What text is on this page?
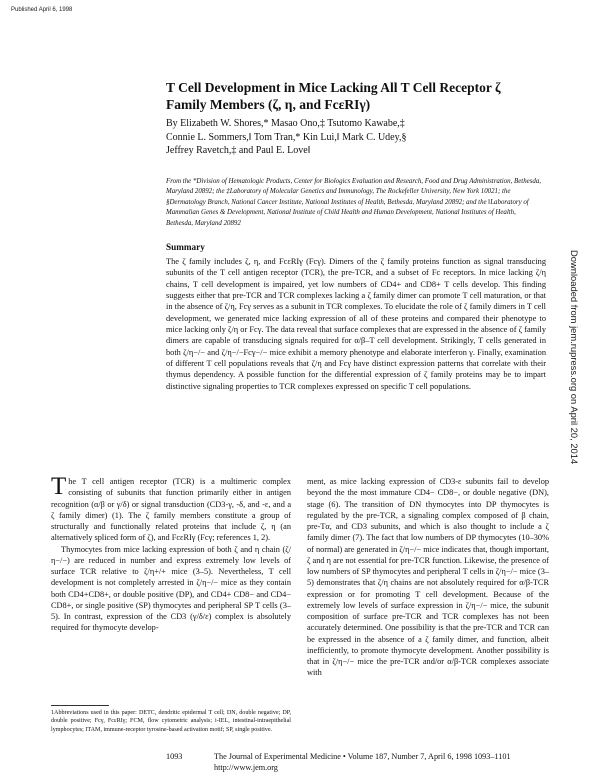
Published April 6, 1998
T Cell Development in Mice Lacking All T Cell Receptor ζ
Family Members (ζ, η, and FcεRIγ)
By Elizabeth W. Shores,* Masao Ono,‡ Tsutomo Kawabe,‡
Connie L. Sommers,‖ Tom Tran,* Kin Lui,‖ Mark C. Udey,§
Jeffrey Ravetch,‡ and Paul E. Love‖
From the *Division of Hematologic Products, Center for Biologics Evaluation and Research, Food and Drug Administration, Bethesda, Maryland 20892; the ‡Laboratory of Molecular Genetics and Immunology, The Rockefeller University, New York 10021; the §Dermatology Branch, National Cancer Institute, National Institutes of Health, Bethesda, Maryland 20892; and the ‖Laboratory of Mammalian Genes & Development, National Institute of Child Health and Human Development, National Institutes of Health, Bethesda, Maryland 20892
Summary
The ζ family includes ζ, η, and FcεRIγ (Fcγ). Dimers of the ζ family proteins function as signal transducing subunits of the T cell antigen receptor (TCR), the pre-TCR, and a subset of Fc receptors. In mice lacking ζ/η chains, T cell development is impaired, yet low numbers of CD4+ and CD8+ T cells develop. This finding suggests either that pre-TCR and TCR complexes lacking a ζ family dimer can promote T cell maturation, or that in the absence of ζ/η, Fcγ serves as a subunit in TCR complexes. To elucidate the role of ζ family dimers in T cell development, we generated mice lacking expression of all of these proteins and compared their phenotype to mice lacking only ζ/η or Fcγ. The data reveal that surface complexes that are expressed in the absence of ζ family dimers are capable of transducing signals required for α/β–T cell development. Strikingly, T cells generated in both ζ/η−/− and ζ/η−/−Fcγ−/− mice exhibit a memory phenotype and elaborate interferon γ. Finally, examination of different T cell populations reveals that ζ/η and Fcγ have distinct expression patterns that correlate with their thymus dependency. A possible function for the differential expression of ζ family proteins may be to impart distinctive signaling properties to TCR complexes expressed on specific T cell populations.

The T cell antigen receptor (TCR) is a multimeric complex consisting of subunits that function primarily either in antigen recognition (α/β or γ/δ) or signal transduction (CD3-γ, -δ, and -ε, and a ζ family dimer) (1). The ζ family members constitute a group of structurally and functionally related proteins that include ζ, η (an alternatively spliced form of ζ), and FcεRIγ (Fcγ; references 1, 2).

Thymocytes from mice lacking expression of both ζ and η chain (ζ/η−/−) are reduced in number and express extremely low levels of surface TCR relative to ζ/η+/+ mice (3–5). Nevertheless, T cell development is not completely arrested in ζ/η−/− mice as they contain both CD4+CD8+, or double positive (DP), and CD4+ CD8− and CD4− CD8+, or single positive (SP) thymocytes and peripheral SP T cells (3–5). In contrast, expression of the CD3 (γ/δ/ε) complex is absolutely required for thymocyte develop-

ment, as mice lacking expression of CD3-ε subunits fail to develop beyond the the most immature CD4− CD8−, or double negative (DN), stage (6). The transition of DN thymocytes into DP thymocytes is regulated by the pre-TCR, a signaling complex composed of β chain, pre-Tα, and CD3 subunits, and which is also thought to include a ζ family dimer (7). The fact that low numbers of DP thymocytes (10–30% of normal) are generated in ζ/η−/− mice indicates that, though important, ζ and η are not essential for pre-TCR function. Likewise, the presence of low numbers of SP thymocytes and peripheral T cells in ζ/η−/− mice (3–5) demonstrates that ζ/η chains are not absolutely required for α/β-TCR expression or for promoting T cell development. Because of the extremely low levels of surface expression in ζ/η−/− mice, the subunit composition of surface pre-TCR and TCR complexes has not been accurately determined. One possibility is that the pre-TCR and TCR can be expressed in the absence of a ζ family dimer, and function, albeit inefficiently, to promote thymocyte development. Another possibility is that in ζ/η−/− mice the pre-TCR and/or α/β-TCR complexes associate with

1Abbreviations used in this paper: DETC, dendritic epidermal T cell; DN, double negative; DP, double positive; Fcγ, FcεRIγ; FCM, flow cytometric analysis; i-IEL, intestinal-intraepithelial lymphocytes; ITAM, immune-receptor tyrosine-based activation motif; SP, single positive.
1093	The Journal of Experimental Medicine • Volume 187, Number 7, April 6, 1998 1093–1101
http://www.jem.org
Downloaded from jem.rupress.org on April 20, 2014
